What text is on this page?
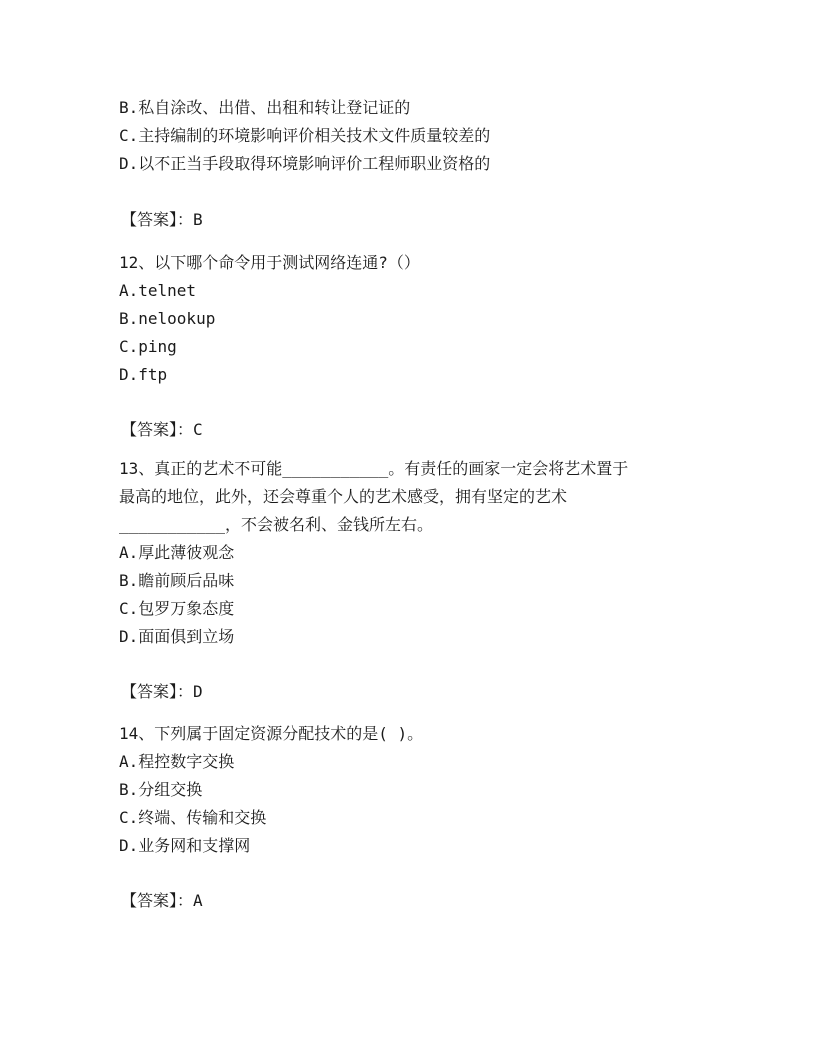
B.私自涂改、出借、出租和转让登记证的
C.主持编制的环境影响评价相关技术文件质量较差的
D.以不正当手段取得环境影响评价工程师职业资格的
【答案】：B
12、以下哪个命令用于测试网络连通?（）
A.telnet
B.nelookup
C.ping
D.ftp
【答案】：C
13、真正的艺术不可能___________。有责任的画家一定会将艺术置于
最高的地位，此外，还会尊重个人的艺术感受，拥有坚定的艺术
___________，不会被名利、金钱所左右。
A.厚此薄彼观念
B.瞻前顾后品味
C.包罗万象态度
D.面面俱到立场
【答案】：D
14、下列属于固定资源分配技术的是( )。
A.程控数字交换
B.分组交换
C.终端、传输和交换
D.业务网和支撑网
【答案】：A
